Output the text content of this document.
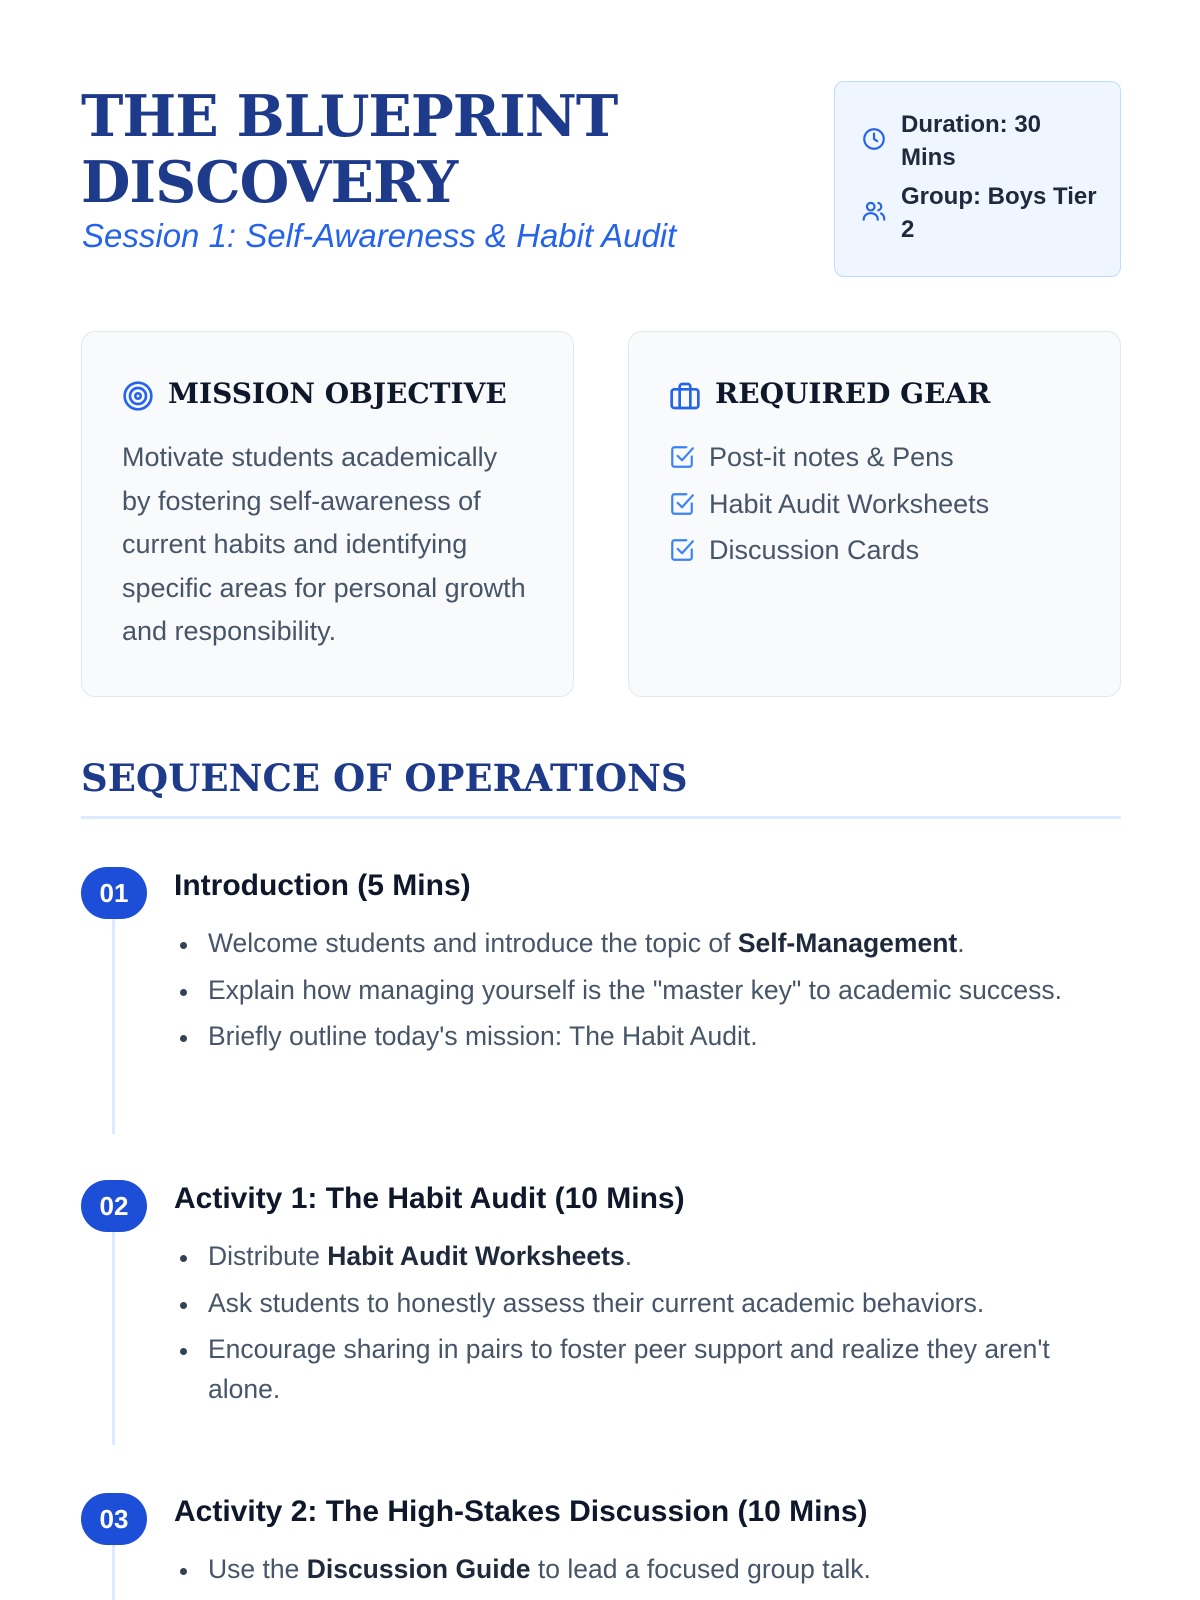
THE BLUEPRINT
DISCOVERY
Session 1: Self-Awareness & Habit Audit
Duration: 30 Mins
Group: Boys Tier 2
MISSION OBJECTIVE

Motivate students academically by fostering self-awareness of current habits and identifying specific areas for personal growth and responsibility.

REQUIRED GEAR
Post-it notes & Pens
Habit Audit Worksheets
Discussion Cards
SEQUENCE OF OPERATIONS
01	Introduction (5 Mins)
Welcome students and introduce the topic of Self-Management.
Explain how managing yourself is the "master key" to academic success.
Briefly outline today's mission: The Habit Audit.
02	Activity 1: The Habit Audit (10 Mins)
Distribute Habit Audit Worksheets.
Ask students to honestly assess their current academic behaviors.
Encourage sharing in pairs to foster peer support and realize they aren't alone.
03	Activity 2: The High-Stakes Discussion (10 Mins)
Use the Discussion Guide to lead a focused group talk.
